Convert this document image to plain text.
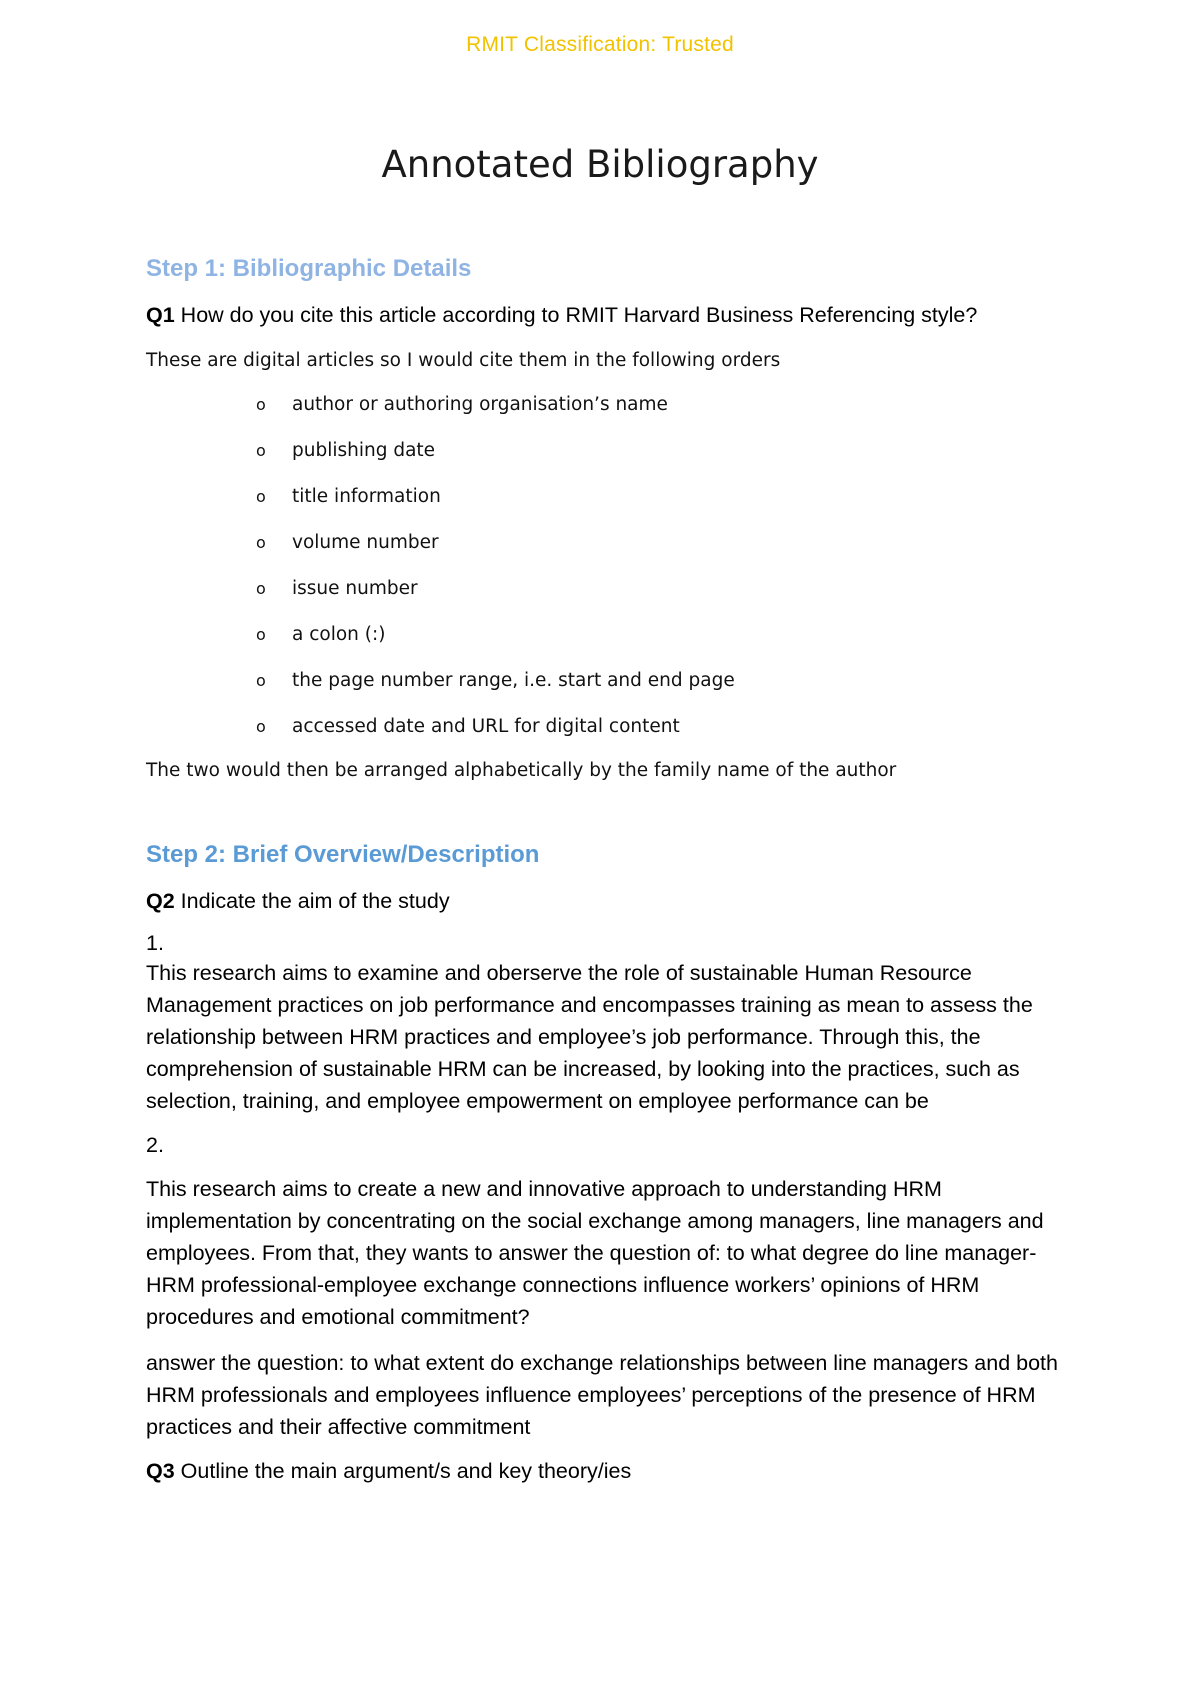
RMIT Classification: Trusted
Annotated Bibliography
Step 1: Bibliographic Details

Q1 How do you cite this article according to RMIT Harvard Business Referencing style?

These are digital articles so I would cite them in the following orders

o author or authoring organisation’s name
o publishing date
o title information
o volume number
o issue number
o a colon (:)
o the page number range, i.e. start and end page
o accessed date and URL for digital content

The two would then be arranged alphabetically by the family name of the author

Step 2: Brief Overview/Description

Q2 Indicate the aim of the study

1.

This research aims to examine and oberserve the role of sustainable Human Resource Management practices on job performance and encompasses training as mean to assess the relationship between HRM practices and employee’s job performance. Through this, the comprehension of sustainable HRM can be increased, by looking into the practices, such as selection, training, and employee empowerment on employee performance can be

2.

This research aims to create a new and innovative approach to understanding HRM implementation by concentrating on the social exchange among managers, line managers and employees. From that, they wants to answer the question of: to what degree do line manager-HRM professional-employee exchange connections influence workers’ opinions of HRM procedures and emotional commitment?

answer the question: to what extent do exchange relationships between line managers and both HRM professionals and employees influence employees’ perceptions of the presence of HRM practices and their affective commitment

Q3 Outline the main argument/s and key theory/ies
